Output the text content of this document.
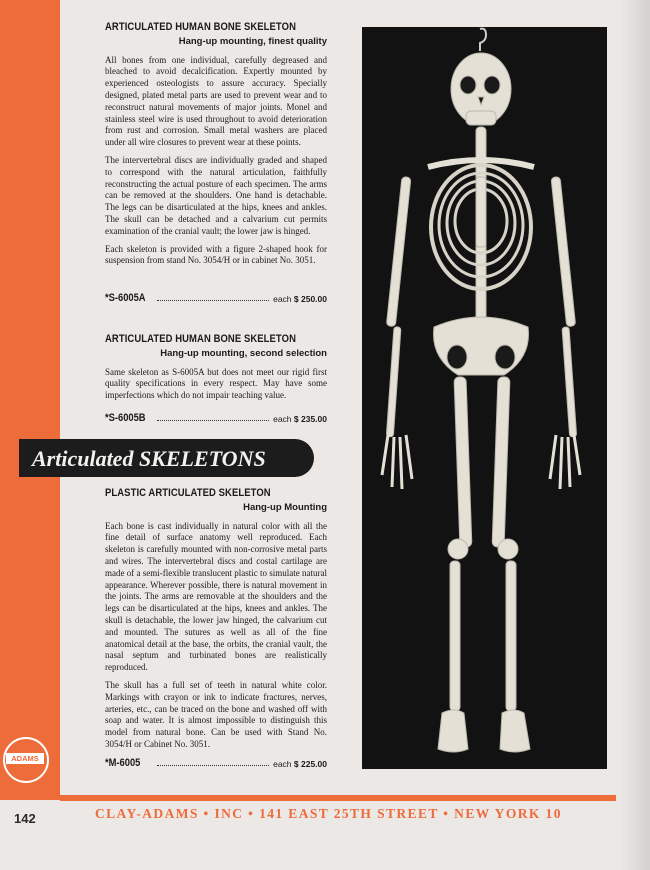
ARTICULATED HUMAN BONE SKELETON
Hang-up mounting, finest quality

All bones from one individual, carefully degreased and bleached to avoid decalcification. Expertly mounted by experienced osteologists to assure accuracy. Specially designed, plated metal parts are used to prevent wear and to reconstruct natural movements of major joints. Monel and stainless steel wire is used throughout to avoid deterioration from rust and corrosion. Small metal washers are placed under all wire closures to prevent wear at these points.

The intervertebral discs are individually graded and shaped to correspond with the natural articulation, faithfully reconstructing the actual posture of each specimen. The arms can be removed at the shoulders. One hand is detachable. The legs can be disarticulated at the hips, knees and ankles. The skull can be detached and a calvarium cut permits examination of the cranial vault; the lower jaw is hinged.

Each skeleton is provided with a figure 2-shaped hook for suspension from stand No. 3054/H or in cabinet No. 3051.

*S-6005A	each $ 250.00
ARTICULATED HUMAN BONE SKELETON
Hang-up mounting, second selection

Same skeleton as S-6005A but does not meet our rigid first quality specifications in every respect. May have some imperfections which do not impair teaching value.

*S-6005B	each $ 235.00
Articulated SKELETONS
PLASTIC ARTICULATED SKELETON
Hang-up Mounting

Each bone is cast individually in natural color with all the fine detail of surface anatomy well reproduced. Each skeleton is carefully mounted with non-corrosive metal parts and wires. The intervertebral discs and costal cartilage are made of a semi-flexible translucent plastic to simulate natural appearance. Wherever possible, there is natural movement in the joints. The arms are removable at the shoulders and the legs can be disarticulated at the hips, knees and ankles. The skull is detachable, the lower jaw hinged, the calvarium cut and mounted. The sutures as well as all of the fine anatomical detail at the base, the orbits, the cranial vault, the nasal septum and turbinated bones are realistically reproduced.

The skull has a full set of teeth in natural white color. Markings with crayon or ink to indicate fractures, nerves, arteries, etc., can be traced on the bone and washed off with soap and water. It is almost impossible to distinguish this model from natural bone. Can be used with Stand No. 3054/H or Cabinet No. 3051.

*M-6005	each $ 225.00
ADAMS
142	CLAY-ADAMS • INC • 141 EAST 25TH STREET • NEW YORK 10
